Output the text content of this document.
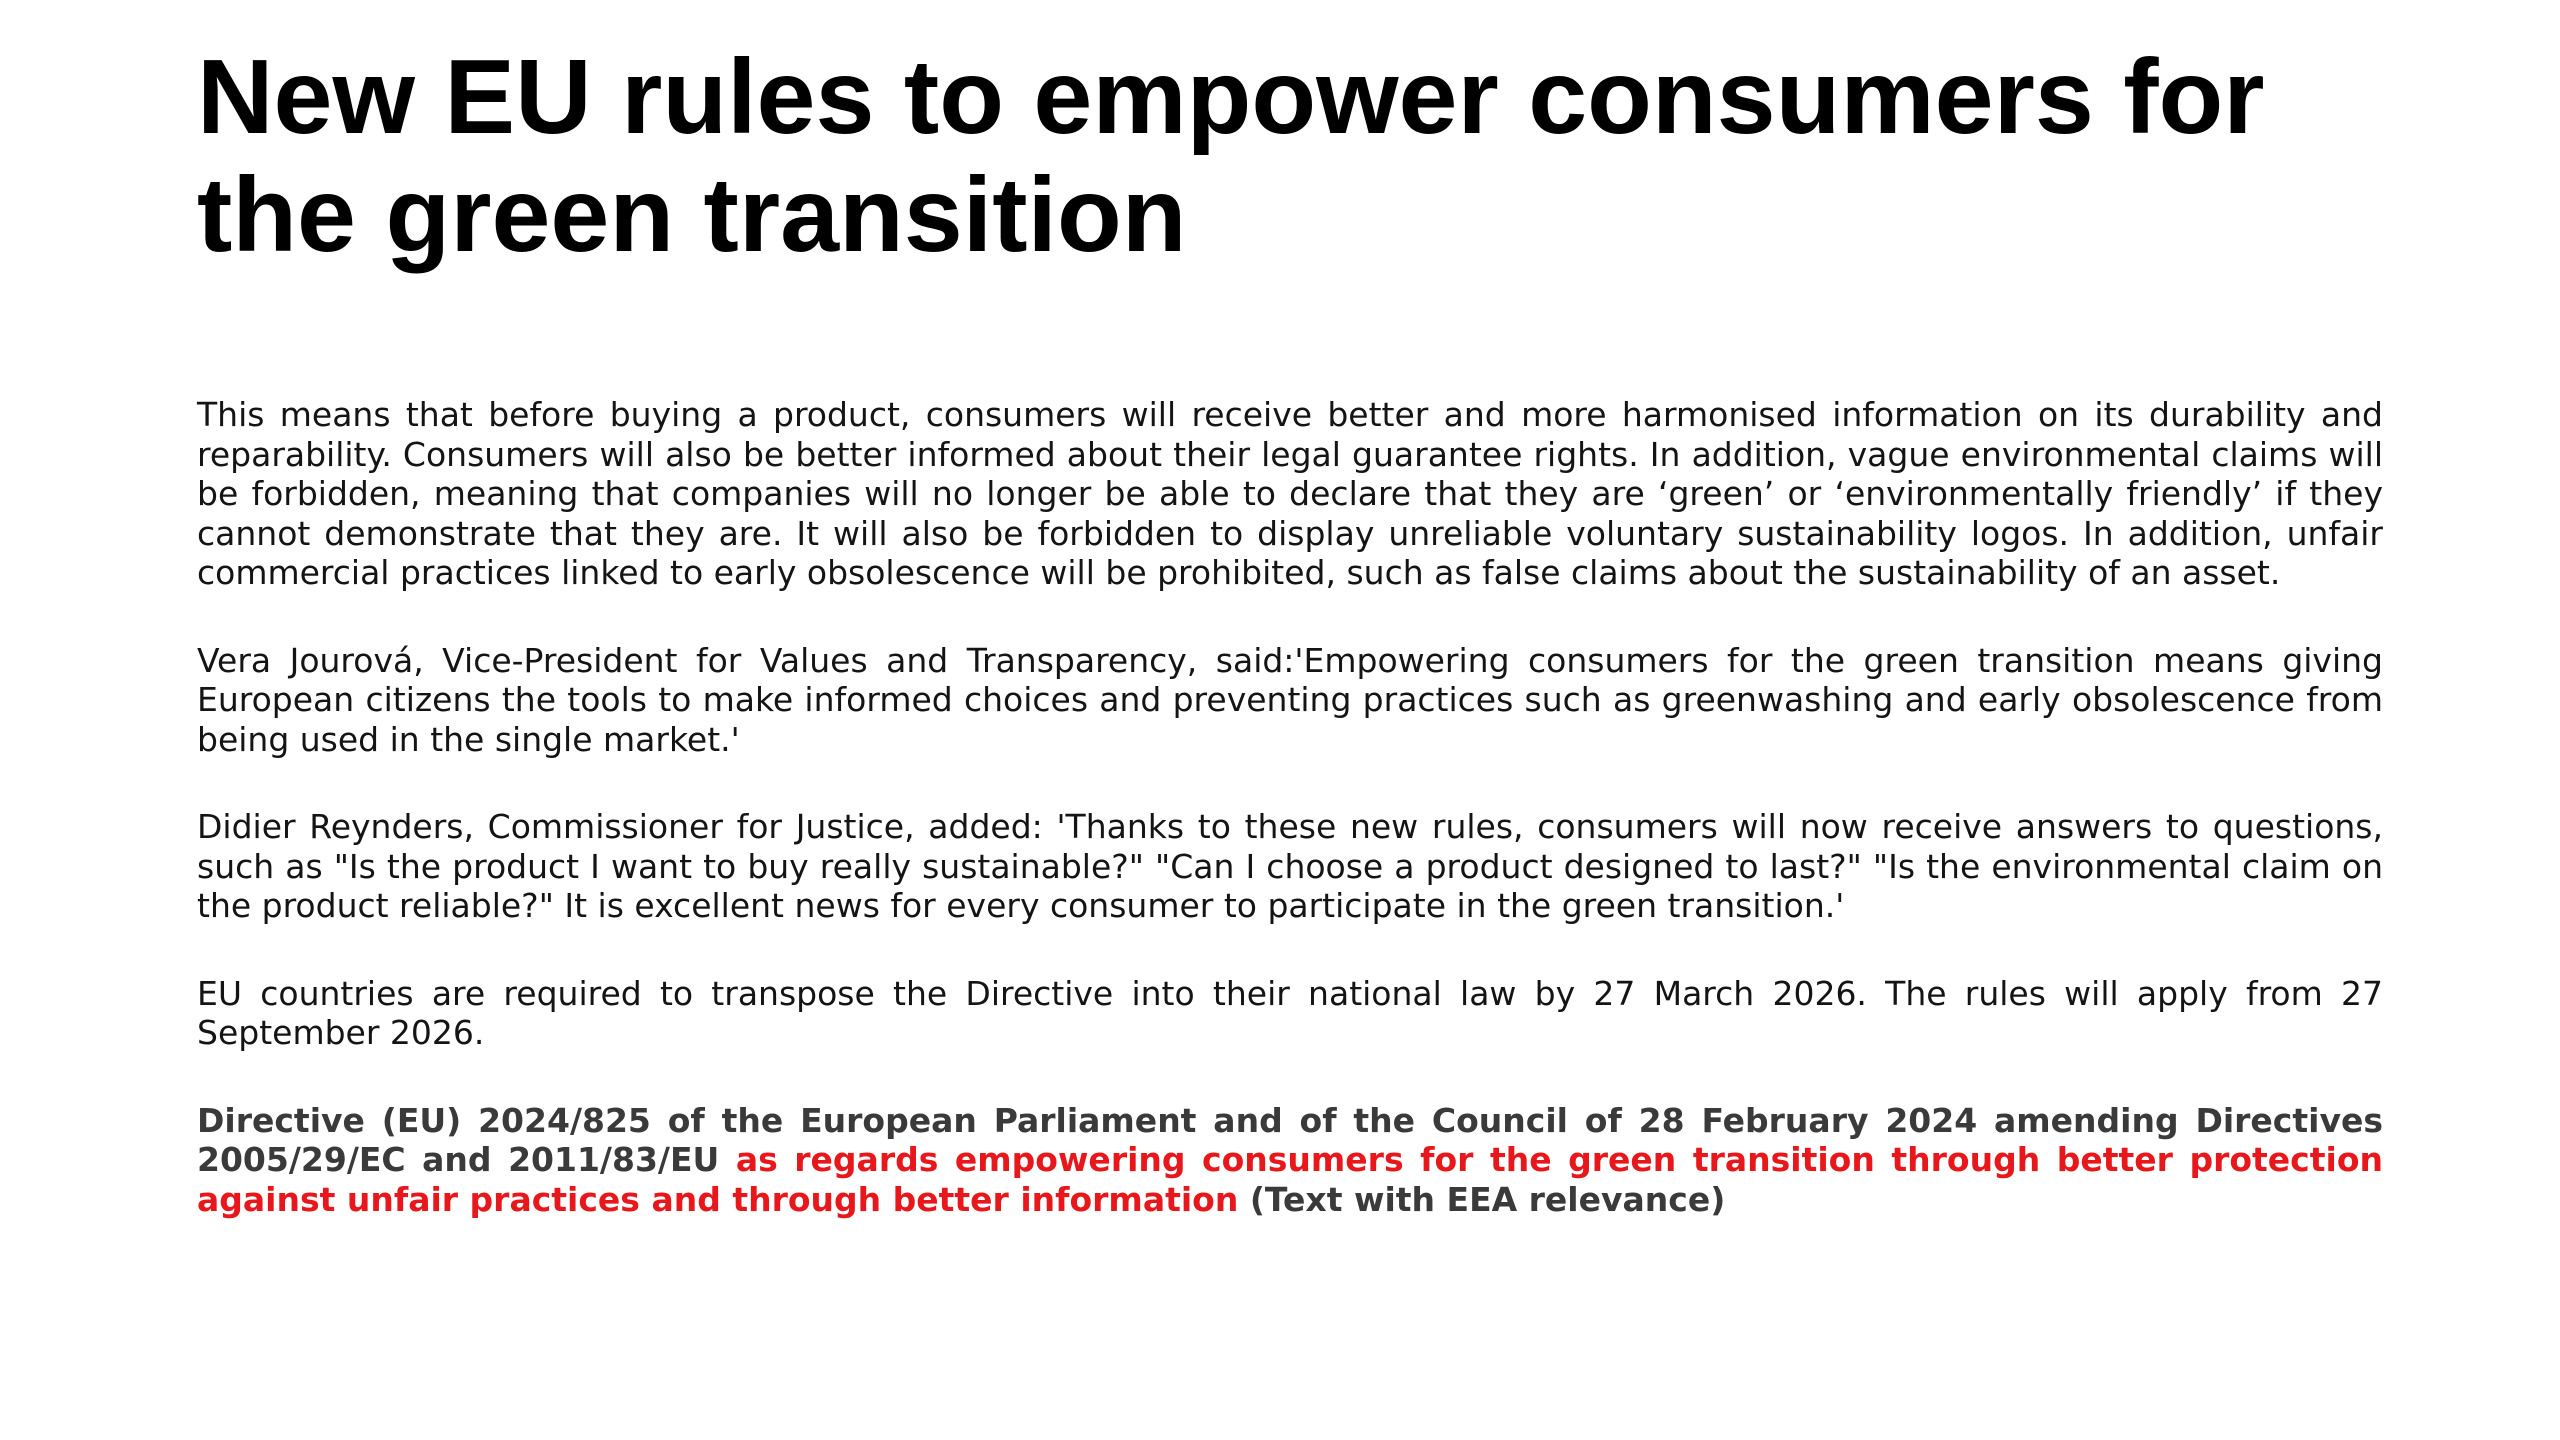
New EU rules to empower consumers for the green transition

This means that before buying a product, consumers will receive better and more harmonised information on its durability and reparability. Consumers will also be better informed about their legal guarantee rights. In addition, vague environmental claims will be forbidden, meaning that companies will no longer be able to declare that they are ‘green’ or ‘environmentally friendly’ if they cannot demonstrate that they are. It will also be forbidden to display unreliable voluntary sustainability logos. In addition, unfair commercial practices linked to early obsolescence will be prohibited, such as false claims about the sustainability of an asset.

Vera Jourová, Vice-President for Values and Transparency, said:'Empowering consumers for the green transition means giving European citizens the tools to make informed choices and preventing practices such as greenwashing and early obsolescence from being used in the single market.'

Didier Reynders, Commissioner for Justice, added: 'Thanks to these new rules, consumers will now receive answers to questions, such as "Is the product I want to buy really sustainable?" "Can I choose a product designed to last?" "Is the environmental claim on the product reliable?" It is excellent news for every consumer to participate in the green transition.'

EU countries are required to transpose the Directive into their national law by 27 March 2026. The rules will apply from 27 September 2026.

Directive (EU) 2024/825 of the European Parliament and of the Council of 28 February 2024 amending Directives 2005/29/EC and 2011/83/EU as regards empowering consumers for the green transition through better protection against unfair practices and through better information (Text with EEA relevance)
